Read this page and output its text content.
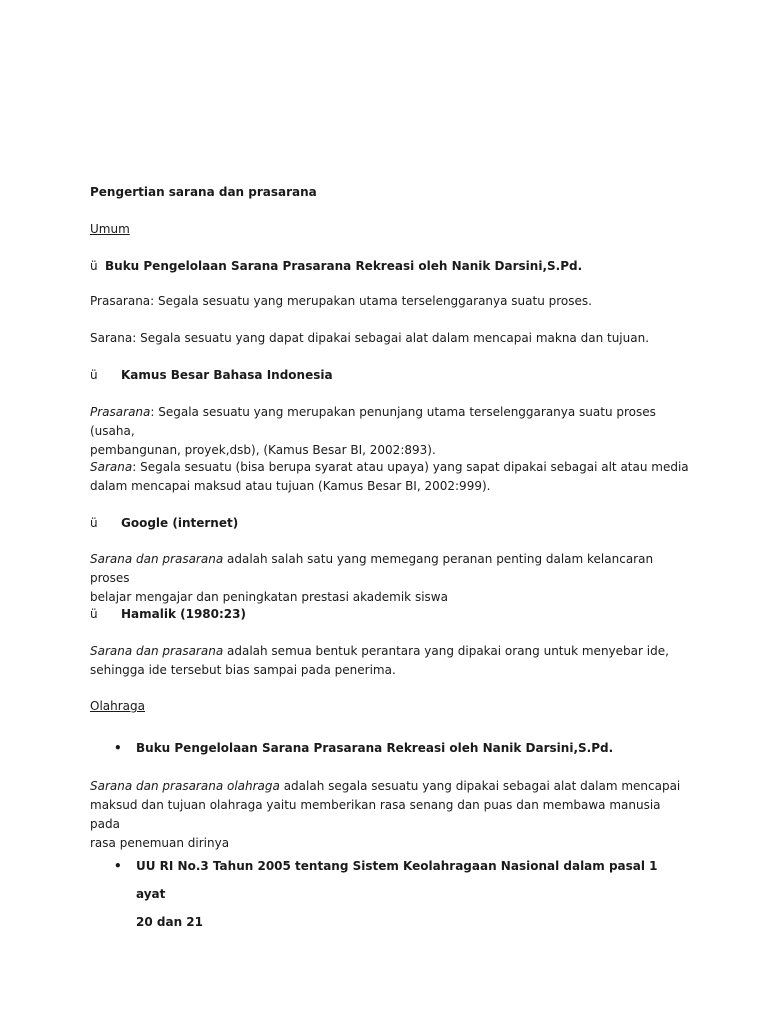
Pengertian sarana dan prasarana

Umum

ü Buku Pengelolaan Sarana Prasarana Rekreasi oleh Nanik Darsini,S.Pd.

Prasarana: Segala sesuatu yang merupakan utama terselenggaranya suatu proses.

Sarana: Segala sesuatu yang dapat dipakai sebagai alat dalam mencapai makna dan tujuan.

ü Kamus Besar Bahasa Indonesia

Prasarana: Segala sesuatu yang merupakan penunjang utama terselenggaranya suatu proses (usaha,
pembangunan, proyek,dsb), (Kamus Besar BI, 2002:893).

Sarana: Segala sesuatu (bisa berupa syarat atau upaya) yang sapat dipakai sebagai alt atau media
dalam mencapai maksud atau tujuan (Kamus Besar BI, 2002:999).

ü Google (internet)

Sarana dan prasarana adalah salah satu yang memegang peranan penting dalam kelancaran proses
belajar mengajar dan peningkatan prestasi akademik siswa

ü Hamalik (1980:23)

Sarana dan prasarana adalah semua bentuk perantara yang dipakai orang untuk menyebar ide,
sehingga ide tersebut bias sampai pada penerima.

Olahraga

•	Buku Pengelolaan Sarana Prasarana Rekreasi oleh Nanik Darsini,S.Pd.

Sarana dan prasarana olahraga adalah segala sesuatu yang dipakai sebagai alat dalam mencapai
maksud dan tujuan olahraga yaitu memberikan rasa senang dan puas dan membawa manusia pada
rasa penemuan dirinya

•	UU RI No.3 Tahun 2005 tentang Sistem Keolahragaan Nasional dalam pasal 1 ayat
20 dan 21
